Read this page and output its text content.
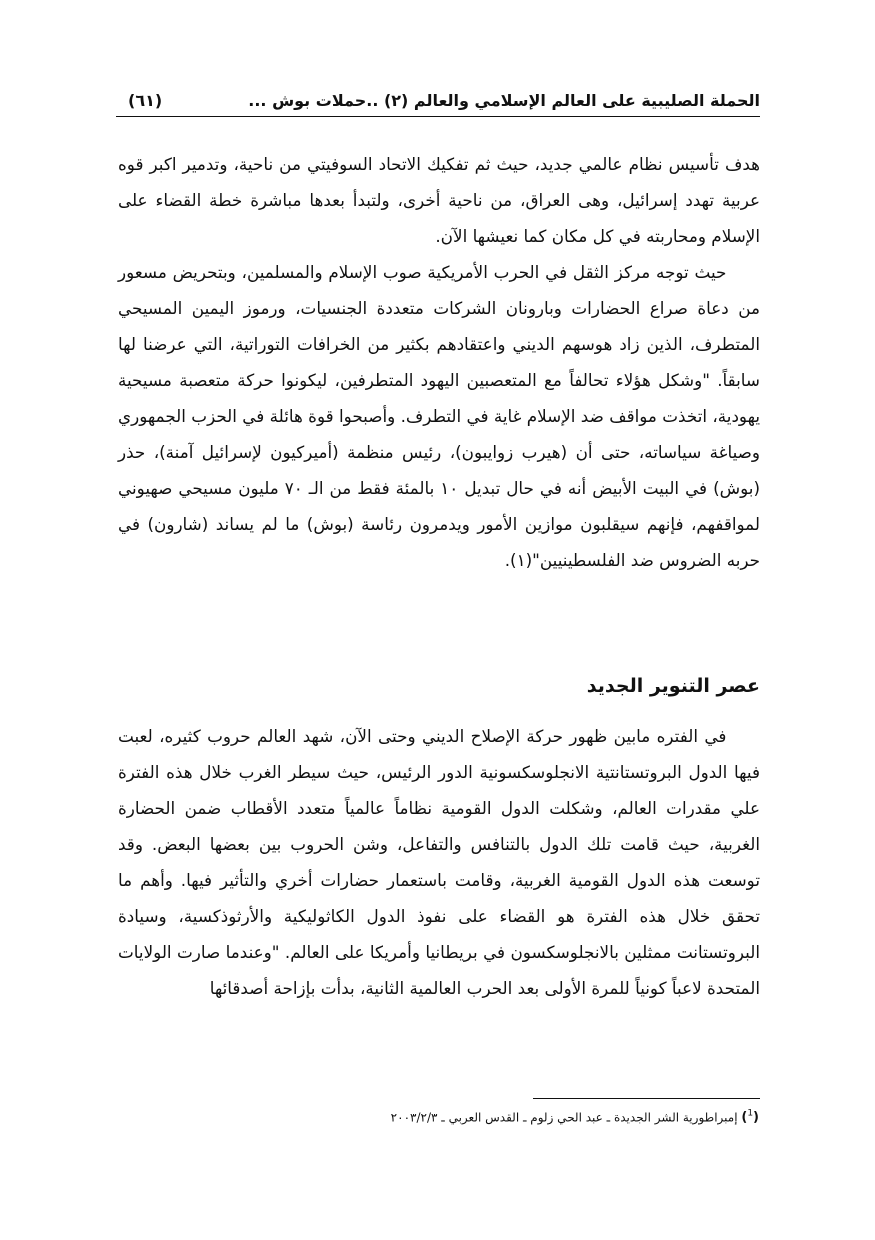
الحملة الصليبية على العالم الإسلامي والعالم (٢) ..حملات بوش ...
(٦١)

هدف تأسيس نظام عالمي جديد، حيث ثم تفكيك الاتحاد السوفيتي من ناحية، وتدمير اكبر قوه عربية تهدد إسرائيل، وهى العراق، من ناحية أخرى، ولتبدأ بعدها مباشرة خطة القضاء على الإسلام ومحاربته في كل مكان كما نعيشها الآن.

حيث توجه مركز الثقل في الحرب الأمريكية صوب الإسلام والمسلمين، وبتحريض مسعور من دعاة صراع الحضارات وبارونان الشركات متعددة الجنسيات، ورموز اليمين المسيحي المتطرف، الذين زاد هوسهم الديني واعتقادهم بكثير من الخرافات التوراتية، التي عرضنا لها سابقاً. "وشكل هؤلاء تحالفاً مع المتعصبين اليهود المتطرفين، ليكونوا حركة متعصبة مسيحية يهودية، اتخذت مواقف ضد الإسلام غاية في التطرف. وأصبحوا قوة هائلة في الحزب الجمهوري وصياغة سياساته، حتى أن (هيرب زوايبون)، رئيس منظمة (أميركيون لإسرائيل آمنة)، حذر (بوش) في البيت الأبيض أنه في حال تبديل ١٠ بالمئة فقط من الـ ٧٠ مليون مسيحي صهيوني لمواقفهم، فإنهم سيقلبون موازين الأمور ويدمرون رئاسة (بوش) ما لم يساند (شارون) في حربه الضروس ضد الفلسطينيين"(١).

عصر التنوير الجديد

في الفتره مابين ظهور حركة الإصلاح الديني وحتى الآن، شهد العالم حروب كثيره، لعبت فيها الدول البروتستانتية الانجلوسكسونية الدور الرئيس، حيث سيطر الغرب خلال هذه الفترة علي مقدرات العالم، وشكلت الدول القومية نظاماً عالمياً متعدد الأقطاب ضمن الحضارة الغربية، حيث قامت تلك الدول بالتنافس والتفاعل، وشن الحروب بين بعضها البعض. وقد توسعت هذه الدول القومية الغربية، وقامت باستعمار حضارات أخري والتأثير فيها. وأهم ما تحقق خلال هذه الفترة هو القضاء على نفوذ الدول الكاثوليكية والأرثوذكسية، وسيادة البروتستانت ممثلين بالانجلوسكسون في بريطانيا وأمريكا على العالم. "وعندما صارت الولايات المتحدة لاعباً كونياً للمرة الأولى بعد الحرب العالمية الثانية، بدأت بإزاحة أصدقائها

($^1$) إمبراطورية الشر الجديدة ـ عبد الحي زلوم ـ القدس العربي ـ ٢٠٠٣/٢/٣
